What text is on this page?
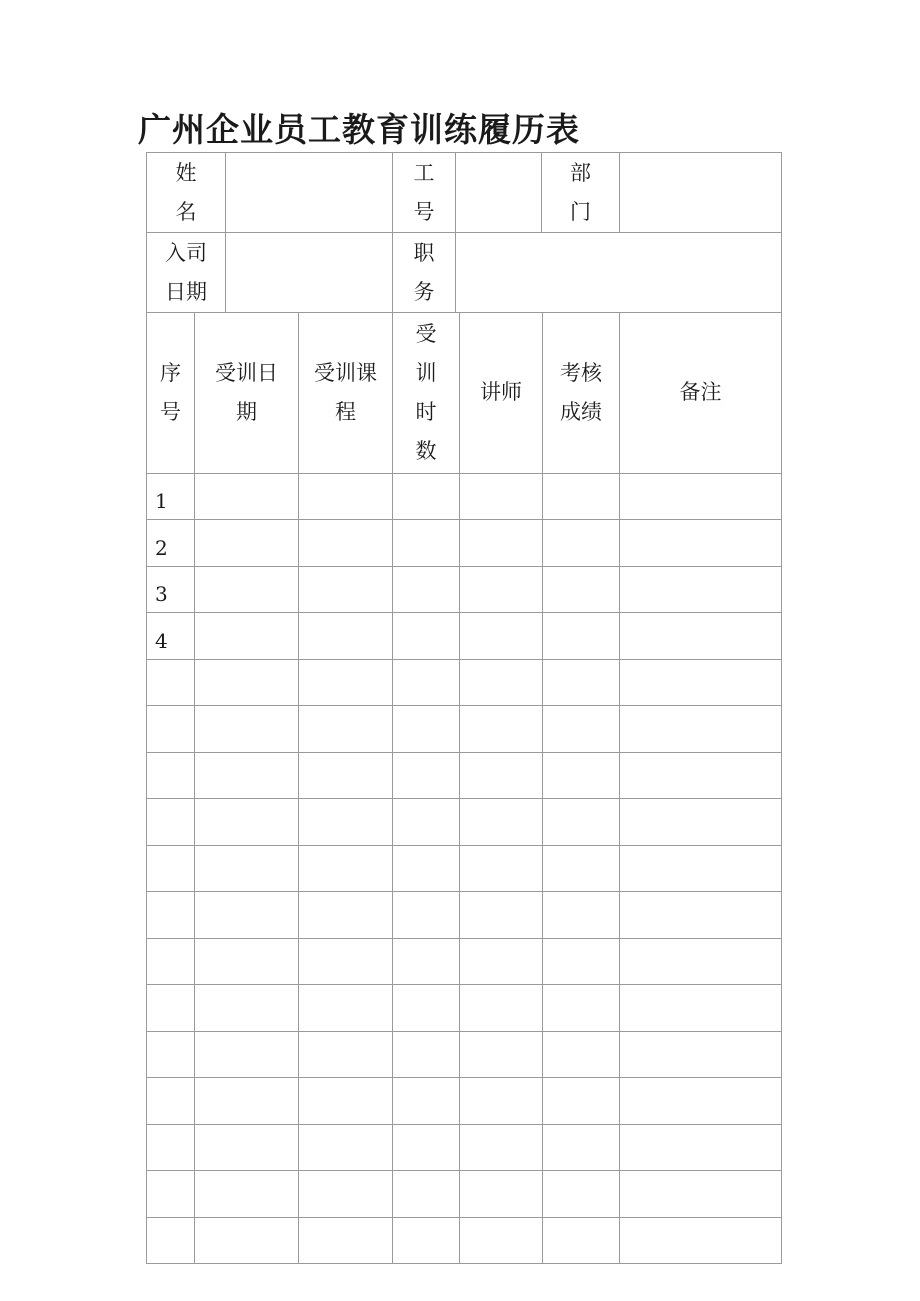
广州企业员工教育训练履历表
姓名		工号		部门	
入司日期		职务			
序号	受训日期	受训课程	受训时数	讲师	考核成绩	备注
1						
2						
3						
4						
